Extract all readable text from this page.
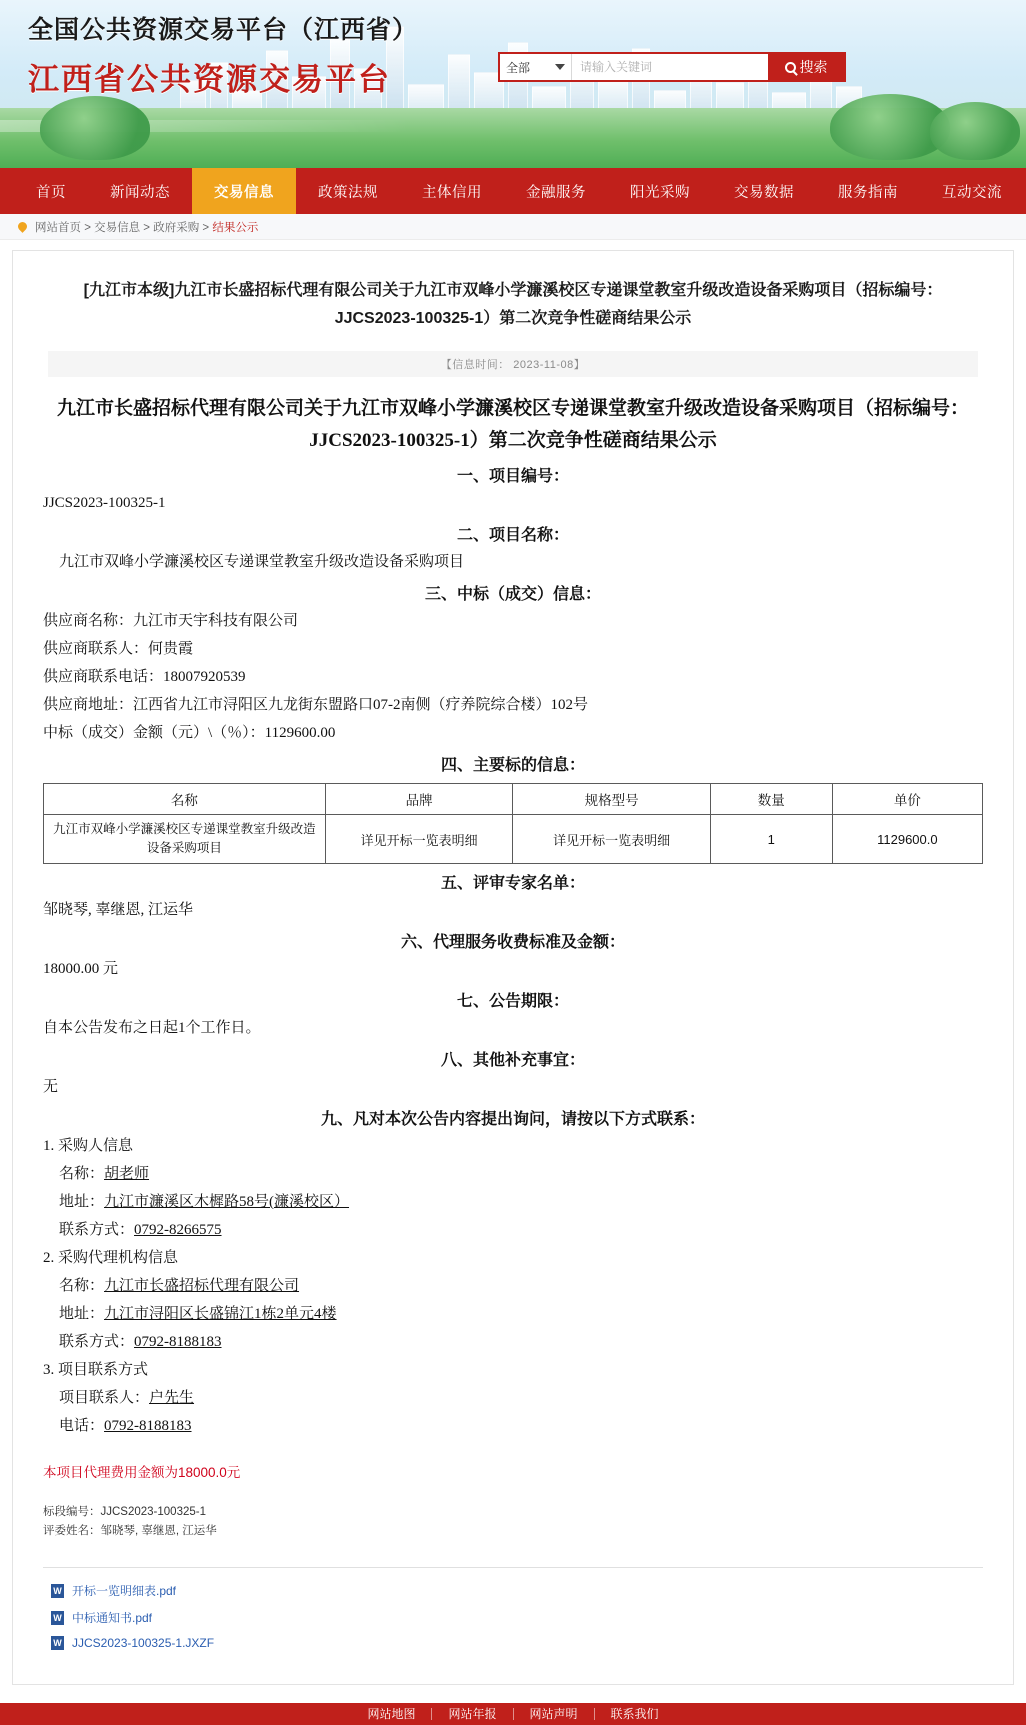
全国公共资源交易平台（江西省）
江西省公共资源交易平台	全部
请输入关键词	搜索
首页	新闻动态	交易信息	政策法规	主体信用	金融服务	阳光采购	交易数据	服务指南	互动交流
网站首页 > 交易信息 > 政府采购 > 结果公示
[九江市本级]九江市长盛招标代理有限公司关于九江市双峰小学濂溪校区专递课堂教室升级改造设备采购项目（招标编号：JJCS2023-100325-1）第二次竞争性磋商结果公示
【信息时间： 2023-11-08】
九江市长盛招标代理有限公司关于九江市双峰小学濂溪校区专递课堂教室升级改造设备采购项目（招标编号：JJCS2023-100325-1）第二次竞争性磋商结果公示
一、项目编号：
JJCS2023-100325-1
二、项目名称：
九江市双峰小学濂溪校区专递课堂教室升级改造设备采购项目
三、中标（成交）信息：
供应商名称：九江市天宇科技有限公司
供应商联系人：何贵霞
供应商联系电话：18007920539
供应商地址：江西省九江市浔阳区九龙街东盟路口07-2南侧（疗养院综合楼）102号
中标（成交）金额（元）\（％）：1129600.00
四、主要标的信息：
名称	品牌	规格型号	数量	单价
九江市双峰小学濂溪校区专递课堂教室升级改造设备采购项目	详见开标一览表明细	详见开标一览表明细	1	1129600.0
五、评审专家名单：
邹晓琴, 辜继恩, 江运华
六、代理服务收费标准及金额：
18000.00 元
七、公告期限：
自本公告发布之日起1个工作日。
八、其他补充事宜：
无
九、凡对本次公告内容提出询问，请按以下方式联系：
1. 采购人信息
名称：胡老师
地址：九江市濂溪区木樨路58号(濂溪校区）
联系方式：0792-8266575
2. 采购代理机构信息
名称：九江市长盛招标代理有限公司
地址：九江市浔阳区长盛锦江1栋2单元4楼
联系方式：0792-8188183
3. 项目联系方式
项目联系人：户先生
电话：0792-8188183
本项目代理费用金额为18000.0元
标段编号：JJCS2023-100325-1
评委姓名：邹晓琴, 辜继恩, 江运华
W 开标一览明细表.pdf
W 中标通知书.pdf
W JJCS2023-100325-1.JXZF
网站地图	网站年报	网站声明	联系我们
